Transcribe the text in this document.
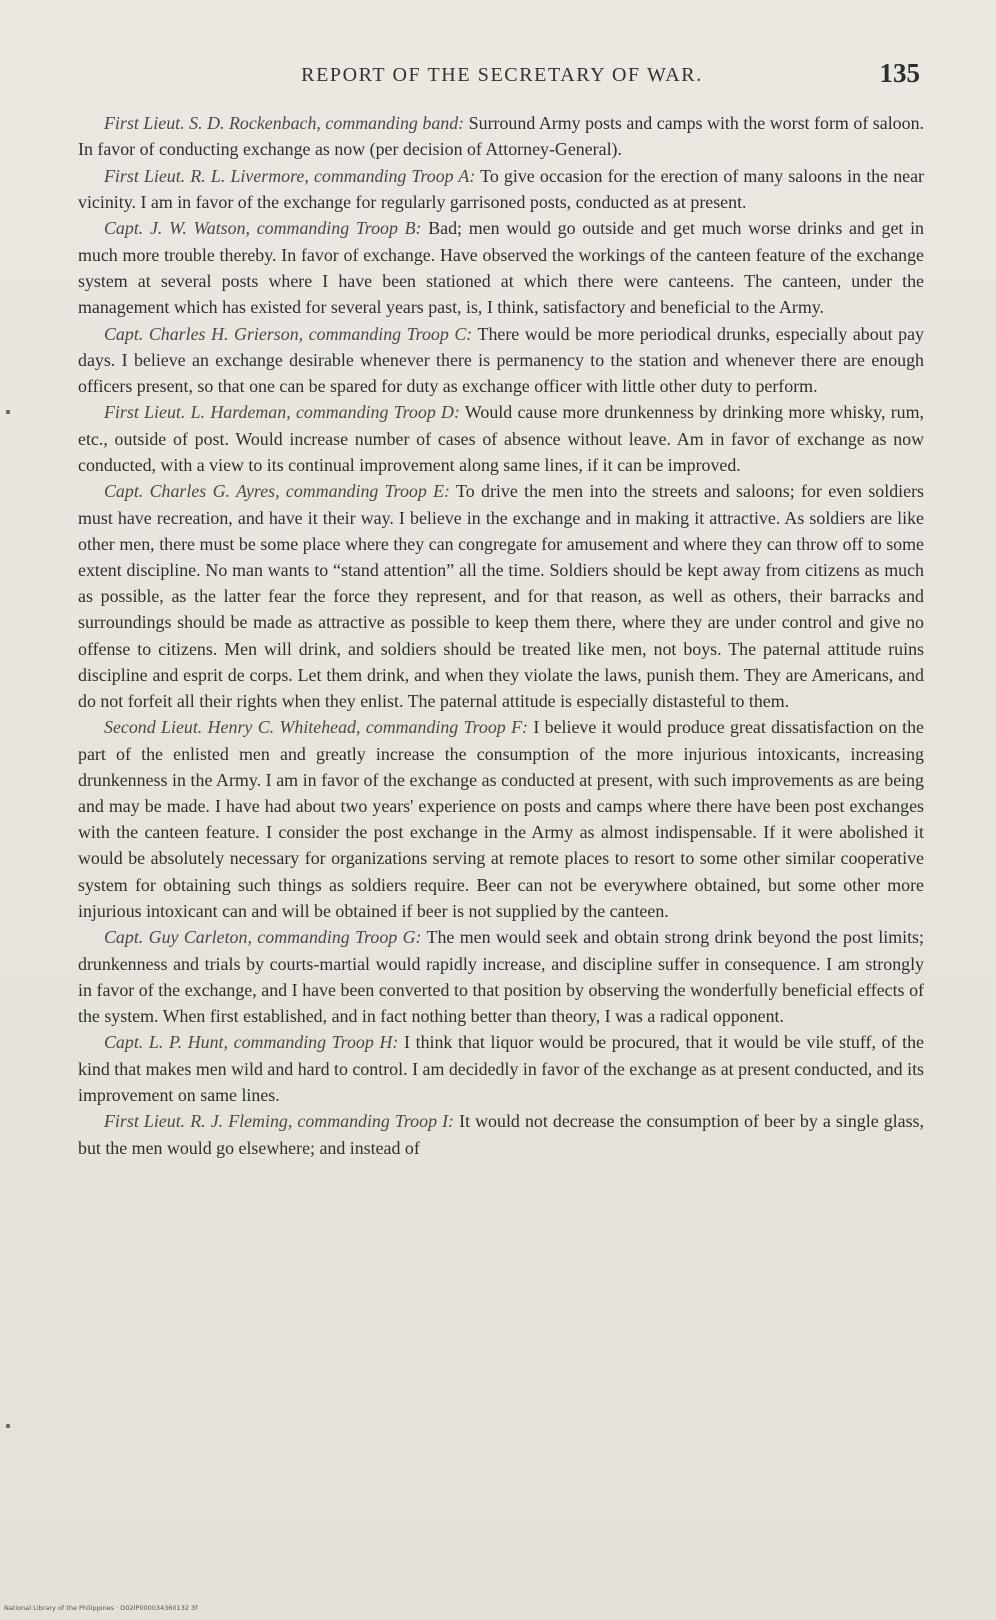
REPORT OF THE SECRETARY OF WAR.	135

First Lieut. S. D. Rockenbach, commanding band: Surround Army posts and camps with the worst form of saloon. In favor of conducting exchange as now (per decision of Attorney-General).

First Lieut. R. L. Livermore, commanding Troop A: To give occasion for the erection of many saloons in the near vicinity. I am in favor of the exchange for regularly garrisoned posts, conducted as at present.

Capt. J. W. Watson, commanding Troop B: Bad; men would go outside and get much worse drinks and get in much more trouble thereby. In favor of exchange. Have observed the workings of the canteen feature of the exchange system at several posts where I have been stationed at which there were canteens. The canteen, under the management which has existed for several years past, is, I think, satisfactory and beneficial to the Army.

Capt. Charles H. Grierson, commanding Troop C: There would be more periodical drunks, especially about pay days. I believe an exchange desirable whenever there is permanency to the station and whenever there are enough officers present, so that one can be spared for duty as exchange officer with little other duty to perform.

First Lieut. L. Hardeman, commanding Troop D: Would cause more drunkenness by drinking more whisky, rum, etc., outside of post. Would increase number of cases of absence without leave. Am in favor of exchange as now conducted, with a view to its continual improvement along same lines, if it can be improved.

Capt. Charles G. Ayres, commanding Troop E: To drive the men into the streets and saloons; for even soldiers must have recreation, and have it their way. I believe in the exchange and in making it attractive. As soldiers are like other men, there must be some place where they can congregate for amusement and where they can throw off to some extent discipline. No man wants to “stand attention” all the time. Soldiers should be kept away from citizens as much as possible, as the latter fear the force they represent, and for that reason, as well as others, their barracks and surroundings should be made as attractive as possible to keep them there, where they are under control and give no offense to citizens. Men will drink, and soldiers should be treated like men, not boys. The paternal attitude ruins discipline and esprit de corps. Let them drink, and when they violate the laws, punish them. They are Americans, and do not forfeit all their rights when they enlist. The paternal attitude is especially distasteful to them.

Second Lieut. Henry C. Whitehead, commanding Troop F: I believe it would produce great dissatisfaction on the part of the enlisted men and greatly increase the consumption of the more injurious intoxicants, increasing drunkenness in the Army. I am in favor of the exchange as conducted at present, with such improvements as are being and may be made. I have had about two years' experience on posts and camps where there have been post exchanges with the canteen feature. I consider the post exchange in the Army as almost indispensable. If it were abolished it would be absolutely necessary for organizations serving at remote places to resort to some other similar cooperative system for obtaining such things as soldiers require. Beer can not be everywhere obtained, but some other more injurious intoxicant can and will be obtained if beer is not supplied by the canteen.

Capt. Guy Carleton, commanding Troop G: The men would seek and obtain strong drink beyond the post limits; drunkenness and trials by courts-martial would rapidly increase, and discipline suffer in consequence. I am strongly in favor of the exchange, and I have been converted to that position by observing the wonderfully beneficial effects of the system. When first established, and in fact nothing better than theory, I was a radical opponent.

Capt. L. P. Hunt, commanding Troop H: I think that liquor would be procured, that it would be vile stuff, of the kind that makes men wild and hard to control. I am decidedly in favor of the exchange as at present conducted, and its improvement on same lines.

First Lieut. R. J. Fleming, commanding Troop I: It would not decrease the consumption of beer by a single glass, but the men would go elsewhere; and instead of

National Library of the Philippines · D02İP000034360132 3f
